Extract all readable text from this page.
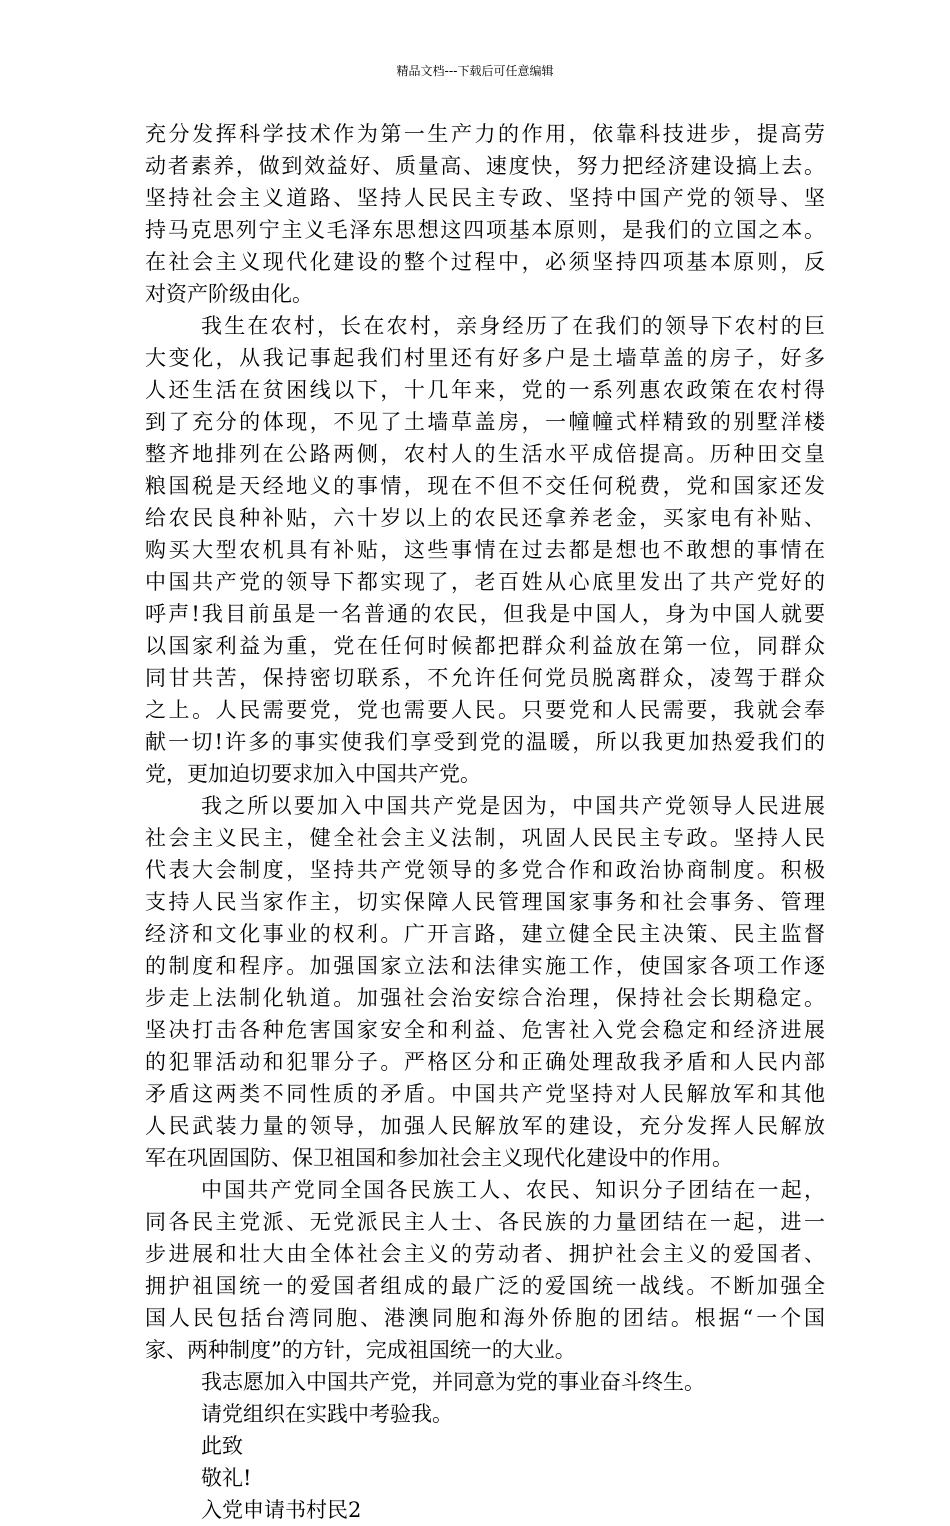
精品文档---下载后可任意编辑
充分发挥科学技术作为第一生产力的作用，依靠科技进步，提高劳
动者素养，做到效益好、质量高、速度快，努力把经济建设搞上去。
坚持社会主义道路、坚持人民民主专政、坚持中国产党的领导、坚
持马克思列宁主义毛泽东思想这四项基本原则，是我们的立国之本。
在社会主义现代化建设的整个过程中，必须坚持四项基本原则，反
对资产阶级由化。
我生在农村，长在农村，亲身经历了在我们的领导下农村的巨
大变化，从我记事起我们村里还有好多户是土墙草盖的房子，好多
人还生活在贫困线以下，十几年来，党的一系列惠农政策在农村得
到了充分的体现，不见了土墙草盖房，一幢幢式样精致的别墅洋楼
整齐地排列在公路两侧，农村人的生活水平成倍提高。历种田交皇
粮国税是天经地义的事情，现在不但不交任何税费，党和国家还发
给农民良种补贴，六十岁以上的农民还拿养老金，买家电有补贴、
购买大型农机具有补贴，这些事情在过去都是想也不敢想的事情在
中国共产党的领导下都实现了，老百姓从心底里发出了共产党好的
呼声!我目前虽是一名普通的农民，但我是中国人，身为中国人就要
以国家利益为重，党在任何时候都把群众利益放在第一位，同群众
同甘共苦，保持密切联系，不允许任何党员脱离群众，凌驾于群众
之上。人民需要党，党也需要人民。只要党和人民需要，我就会奉
献一切!许多的事实使我们享受到党的温暖，所以我更加热爱我们的
党，更加迫切要求加入中国共产党。
我之所以要加入中国共产党是因为，中国共产党领导人民进展
社会主义民主，健全社会主义法制，巩固人民民主专政。坚持人民
代表大会制度，坚持共产党领导的多党合作和政治协商制度。积极
支持人民当家作主，切实保障人民管理国家事务和社会事务、管理
经济和文化事业的权利。广开言路，建立健全民主决策、民主监督
的制度和程序。加强国家立法和法律实施工作，使国家各项工作逐
步走上法制化轨道。加强社会治安综合治理，保持社会长期稳定。
坚决打击各种危害国家安全和利益、危害社入党会稳定和经济进展
的犯罪活动和犯罪分子。严格区分和正确处理敌我矛盾和人民内部
矛盾这两类不同性质的矛盾。中国共产党坚持对人民解放军和其他
人民武装力量的领导，加强人民解放军的建设，充分发挥人民解放
军在巩固国防、保卫祖国和参加社会主义现代化建设中的作用。
中国共产党同全国各民族工人、农民、知识分子团结在一起，
同各民主党派、无党派民主人士、各民族的力量团结在一起，进一
步进展和壮大由全体社会主义的劳动者、拥护社会主义的爱国者、
拥护祖国统一的爱国者组成的最广泛的爱国统一战线。不断加强全
国人民包括台湾同胞、港澳同胞和海外侨胞的团结。根据“一个国
家、两种制度”的方针，完成祖国统一的大业。
我志愿加入中国共产党，并同意为党的事业奋斗终生。
请党组织在实践中考验我。
此致
敬礼!
入党申请书村民2
